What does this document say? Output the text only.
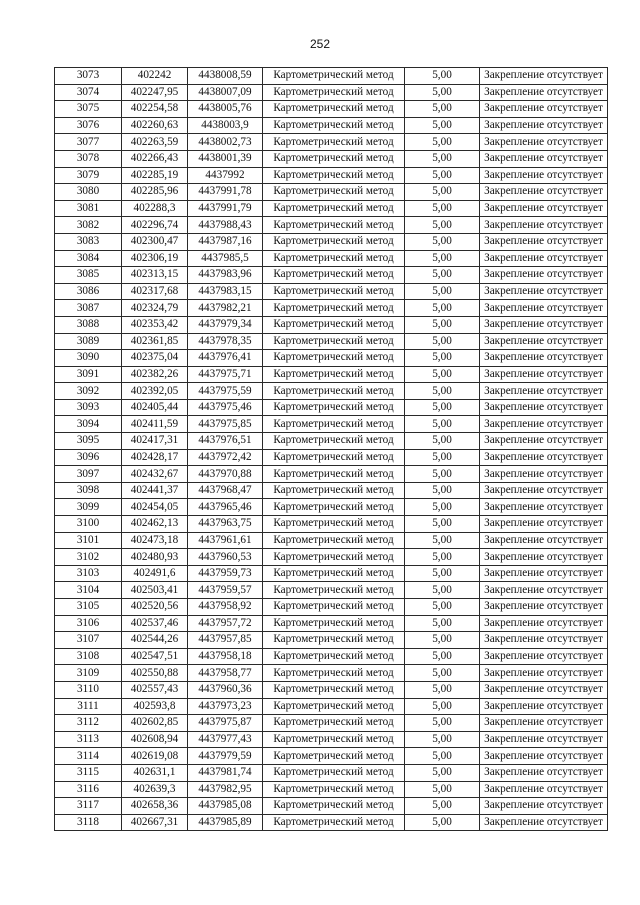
252
3073	402242	4438008,59	Картометрический метод	5,00	Закрепление отсутствует
3074	402247,95	4438007,09	Картометрический метод	5,00	Закрепление отсутствует
3075	402254,58	4438005,76	Картометрический метод	5,00	Закрепление отсутствует
3076	402260,63	4438003,9	Картометрический метод	5,00	Закрепление отсутствует
3077	402263,59	4438002,73	Картометрический метод	5,00	Закрепление отсутствует
3078	402266,43	4438001,39	Картометрический метод	5,00	Закрепление отсутствует
3079	402285,19	4437992	Картометрический метод	5,00	Закрепление отсутствует
3080	402285,96	4437991,78	Картометрический метод	5,00	Закрепление отсутствует
3081	402288,3	4437991,79	Картометрический метод	5,00	Закрепление отсутствует
3082	402296,74	4437988,43	Картометрический метод	5,00	Закрепление отсутствует
3083	402300,47	4437987,16	Картометрический метод	5,00	Закрепление отсутствует
3084	402306,19	4437985,5	Картометрический метод	5,00	Закрепление отсутствует
3085	402313,15	4437983,96	Картометрический метод	5,00	Закрепление отсутствует
3086	402317,68	4437983,15	Картометрический метод	5,00	Закрепление отсутствует
3087	402324,79	4437982,21	Картометрический метод	5,00	Закрепление отсутствует
3088	402353,42	4437979,34	Картометрический метод	5,00	Закрепление отсутствует
3089	402361,85	4437978,35	Картометрический метод	5,00	Закрепление отсутствует
3090	402375,04	4437976,41	Картометрический метод	5,00	Закрепление отсутствует
3091	402382,26	4437975,71	Картометрический метод	5,00	Закрепление отсутствует
3092	402392,05	4437975,59	Картометрический метод	5,00	Закрепление отсутствует
3093	402405,44	4437975,46	Картометрический метод	5,00	Закрепление отсутствует
3094	402411,59	4437975,85	Картометрический метод	5,00	Закрепление отсутствует
3095	402417,31	4437976,51	Картометрический метод	5,00	Закрепление отсутствует
3096	402428,17	4437972,42	Картометрический метод	5,00	Закрепление отсутствует
3097	402432,67	4437970,88	Картометрический метод	5,00	Закрепление отсутствует
3098	402441,37	4437968,47	Картометрический метод	5,00	Закрепление отсутствует
3099	402454,05	4437965,46	Картометрический метод	5,00	Закрепление отсутствует
3100	402462,13	4437963,75	Картометрический метод	5,00	Закрепление отсутствует
3101	402473,18	4437961,61	Картометрический метод	5,00	Закрепление отсутствует
3102	402480,93	4437960,53	Картометрический метод	5,00	Закрепление отсутствует
3103	402491,6	4437959,73	Картометрический метод	5,00	Закрепление отсутствует
3104	402503,41	4437959,57	Картометрический метод	5,00	Закрепление отсутствует
3105	402520,56	4437958,92	Картометрический метод	5,00	Закрепление отсутствует
3106	402537,46	4437957,72	Картометрический метод	5,00	Закрепление отсутствует
3107	402544,26	4437957,85	Картометрический метод	5,00	Закрепление отсутствует
3108	402547,51	4437958,18	Картометрический метод	5,00	Закрепление отсутствует
3109	402550,88	4437958,77	Картометрический метод	5,00	Закрепление отсутствует
3110	402557,43	4437960,36	Картометрический метод	5,00	Закрепление отсутствует
3111	402593,8	4437973,23	Картометрический метод	5,00	Закрепление отсутствует
3112	402602,85	4437975,87	Картометрический метод	5,00	Закрепление отсутствует
3113	402608,94	4437977,43	Картометрический метод	5,00	Закрепление отсутствует
3114	402619,08	4437979,59	Картометрический метод	5,00	Закрепление отсутствует
3115	402631,1	4437981,74	Картометрический метод	5,00	Закрепление отсутствует
3116	402639,3	4437982,95	Картометрический метод	5,00	Закрепление отсутствует
3117	402658,36	4437985,08	Картометрический метод	5,00	Закрепление отсутствует
3118	402667,31	4437985,89	Картометрический метод	5,00	Закрепление отсутствует
